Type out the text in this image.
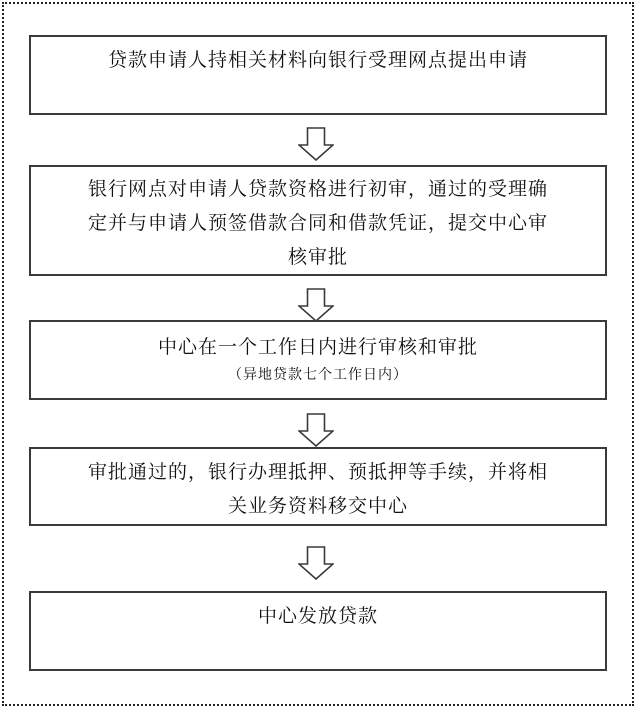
贷款申请人持相关材料向银行受理网点提出申请
银行网点对申请人贷款资格进行初审，通过的受理确
定并与申请人预签借款合同和借款凭证，提交中心审
核审批
中心在一个工作日内进行审核和审批
（异地贷款七个工作日内）
审批通过的，银行办理抵押、预抵押等手续，并将相
关业务资料移交中心
中心发放贷款
